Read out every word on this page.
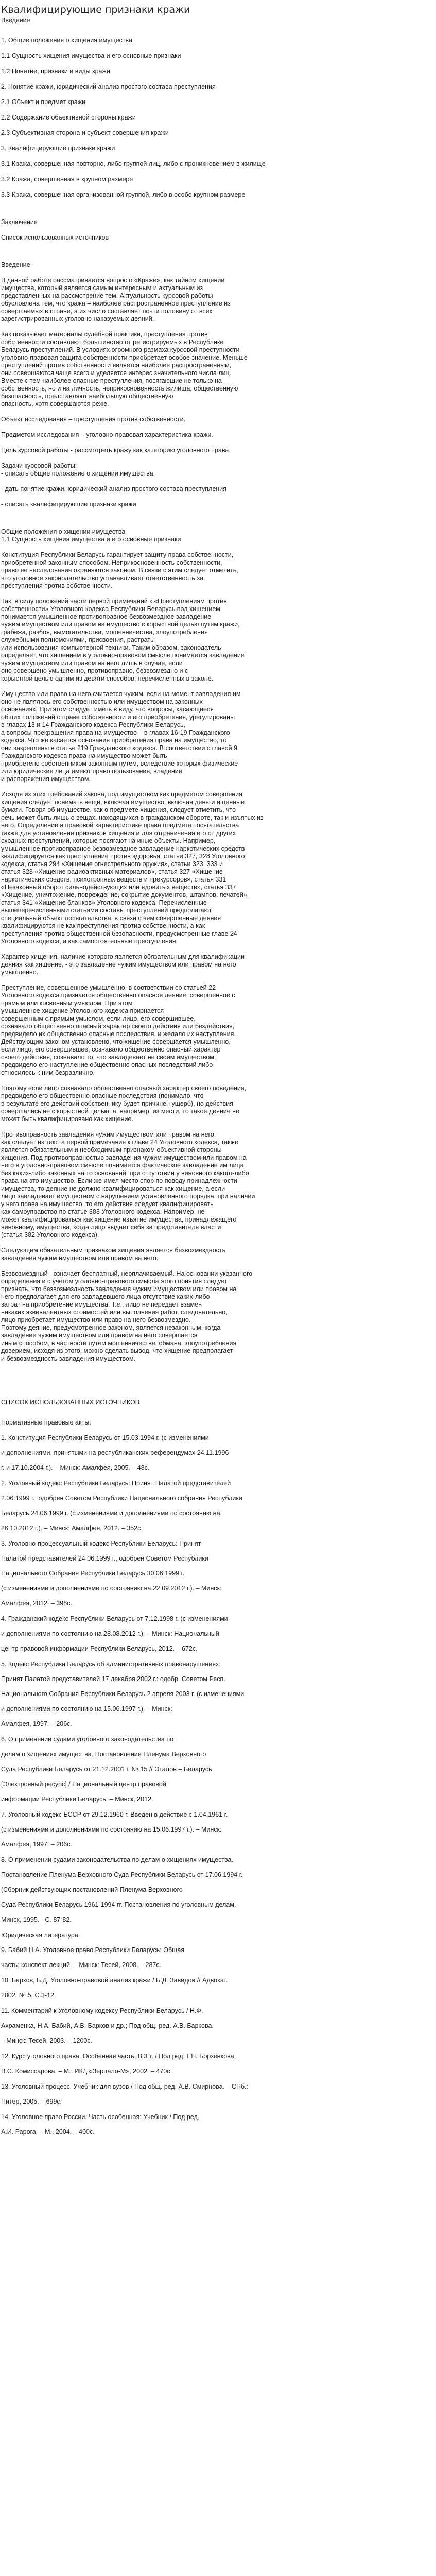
Квалифицирующие признаки кражи
Введение
1. Общие положения о хищения имущества
1.1 Сущность хищения имущества и его основные признаки
1.2 Понятие, признаки и виды кражи
2. Понятие кражи, юридический анализ простого состава преступления
2.1 Объект и предмет кражи
2.2 Содержание объективной стороны кражи
2.3 Субъективная сторона и субъект совершения кражи
3. Квалифицирующие признаки кражи
3.1 Кража, совершенная повторно, либо группой лиц, либо с проникновением в жилище
3.2 Кража, совершенная в крупном размере
3.3 Кража, совершенная организованной группой, либо в особо крупном размере
Заключение
Список использованных источников
Введение
В данной работе рассматривается вопрос о «Краже», как тайном хищении
имущества, который является самым интересным и актуальным из
представленных на рассмотрение тем. Актуальность курсовой работы
обусловлена тем, что кража – наиболее распространенное преступление из
совершаемых в стране, а их число составляет почти половину от всех
зарегистрированных уголовно наказуемых деяний.
Как показывает материалы судебной практики, преступления против
собственности составляют большинство от регистрируемых в Республике
Беларусь преступлений. В условиях огромного размаха курсовой преступности
уголовно-правовая защита собственности приобретает особое значение. Меньше
преступлений против собственности является наиболее распространённым,
они совершаются чаще всего и уделяется интерес значительного числа лиц.
Вместе с тем наиболее опасные преступления, посягающие не только на
собственность, но и на личность, неприкосновенность жилища, общественную
безопасность, представляют наибольшую общественную
опасность, хотя совершаются реже.
Объект исследования – преступления против собственности.
Предметом исследования – уголовно-правовая характеристика кражи.
Цель курсовой работы - рассмотреть кражу как категорию уголовного права.
Задачи курсовой работы:
- описать общие положение о хищении имущества
- дать понятие кражи, юридический анализ простого состава преступления
- описать квалифицирующие признаки кражи
Общие положения о хищении имущества
1.1 Сущность хищения имущества и его основные признаки
Конституция Республики Беларусь гарантирует защиту права собственности,
приобретенной законным способом. Неприкосновенность собственности,
право ее наследования охраняются законом. В связи с этим следует отметить,
что уголовное законодательство устанавливает ответственность за
преступления против собственности.
Так, в силу положений части первой примечаний к «Преступлениям против
собственности» Уголовного кодекса Республики Беларусь под хищением
понимается умышленное противоправное безвозмездное завладение
чужим имуществом или правом на имущество с корыстной целью путем кражи,
грабежа, разбоя, вымогательства, мошенничества, злоупотребления
служебными полномочиями, присвоения, растраты
или использования компьютерной техники. Таким образом, законодатель
определяет, что хищением в уголовно-правовом смысле понимается завладение
чужим имуществом или правом на него лишь в случае, если
оно совершено умышленно, противоправно, безвозмездно и с
корыстной целью одним из девяти способов, перечисленных в законе.
Имущество или право на него считается чужим, если на момент завладения им
оно не являлось его собственностью или имуществом на законных
основаниях. При этом следует иметь в виду, что вопросы, касающиеся
общих положений о праве собственности и его приобретения, урегулированы
в главах 13 и 14 Гражданского кодекса Республики Беларусь,
а вопросы прекращения права на имущество – в главах 16-19 Гражданского
кодекса. Что же касается основания приобретения права на имущество, то
они закреплены в статье 219 Гражданского кодекса. В соответствии с главой 9
Гражданского кодекса права на имущество может быть
приобретено собственником законным путем, вследствие которых физические
или юридические лица имеют право пользования, владения
и распоряжения имуществом.
Исходя из этих требований закона, под имуществом как предметом совершения
хищения следует понимать вещи, включая имущество, включая деньги и ценные
бумаги. Говоря об имуществе, как о предмете хищения, следует отметить, что
речь может быть лишь о вещах, находящихся в гражданском обороте, так и изъятых из
него. Определение в правовой характеристике права предмета посягательства
также для установления признаков хищения и для отграничения его от других
сходных преступлений, которые посягают на иные объекты. Например,
умышленное противоправное безвозмездное завладение наркотических средств
квалифицируется как преступление против здоровья, статьи 327, 328 Уголовного
кодекса, статья 294 «Хищение огнестрельного оружия», статьи 323, 333 и
статья 328 «Хищение радиоактивных материалов», статья 327 «Хищение
наркотических средств, психотропных веществ и прекурсоров», статья 331
«Незаконный оборот сильнодействующих или ядовитых веществ», статья 337
«Хищение, уничтожение, повреждение, сокрытие документов, штампов, печатей»,
статья 341 «Хищение бланков» Уголовного кодекса. Перечисленные
вышеперечисленными статьями составы преступлений предполагают
специальный объект посягательства, в связи с чем совершенные деяния
квалифицируются не как преступления против собственности, а как
преступления против общественной безопасности, предусмотренные главе 24
Уголовного кодекса, а как самостоятельные преступления.
Характер хищения, наличие которого является обязательным для квалификации
деяния как хищение, - это завладение чужим имуществом или правом на него
умышленно.
Преступление, совершенное умышленно, в соответствии со статьей 22
Уголовного кодекса признается общественно опасное деяние, совершенное с
прямым или косвенным умыслом. При этом
умышленное хищение Уголовного кодекса признается
совершенным с прямым умыслом, если лицо, его совершившее,
сознавало общественно опасный характер своего действия или бездействия,
предвидело их общественно опасные последствия, и желало их наступления.
Действующим законом установлено, что хищение совершается умышленно,
если лицо, его совершившее, сознавало общественно опасный характер
своего действия, сознавало то, что завладевает не своим имуществом,
предвидело его наступление общественно опасных последствий либо
относилось к ним безразлично.
Поэтому если лицо сознавало общественно опасный характер своего поведения,
предвидело его общественно опасные последствия (понимало, что
в результате его действий собственнику будет причинен ущерб), но действия
совершались не с корыстной целью, а, например, из мести, то такое деяние не
может быть квалифицировано как хищение.
Противоправность завладения чужим имуществом или правом на него,
как следует из текста первой примечания к главе 24 Уголовного кодекса, также
является обязательным и необходимым признаком объективной стороны
хищения. Под противоправностью завладения чужим имуществом или правом на
него в уголовно-правовом смысле понимается фактическое завладение им лица
без каких-либо законных на то оснований, при отсутствии у виновного какого-либо
права на это имущество. Если же имел место спор по поводу принадлежности
имущества, то деяние не должно квалифицироваться как хищение, а если
лицо завладевает имуществом с нарушением установленного порядка, при наличии
у него права на имущество, то его действия следует квалифицировать
как самоуправство по статье 383 Уголовного кодекса. Например, не
может квалифицироваться как хищение изъятие имущества, принадлежащего
виновному, имущества, когда лицо выдает себя за представителя власти
(статья 382 Уголовного кодекса).
Следующим обязательным признаком хищения является безвозмездность
завладения чужим имуществом или правом на него.
Безвозмездный - означает бесплатный, неоплачиваемый. На основании указанного
определения и с учетом уголовно-правового смысла этого понятия следует
признать, что безвозмездность завладения чужим имуществом или правом на
него предполагает для его завладевшего лица отсутствие каких-либо
затрат на приобретение имущества. Т.е., лицо не передает взамен
никаких эквивалентных стоимостей или выполнения работ, следовательно,
лицо приобретает имущество или право на него безвозмездно.
Поэтому деяние, предусмотренное законом, является незаконным, когда
завладение чужим имуществом или правом на него совершается
иным способом, в частности путем мошенничества, обмана, злоупотребления
доверием, исходя из этого, можно сделать вывод, что хищение предполагает
и безвозмездность завладения имуществом.
СПИСОК ИСПОЛЬЗОВАННЫХ ИСТОЧНИКОВ
Нормативные правовые акты:
1. Конституция Республики Беларусь от 15.03.1994 г. (с изменениями
и дополнениями, принятыми на республиканских референдумах 24.11.1996
г. и 17.10.2004 г.). – Минск: Амалфея, 2005. – 48с.
2. Уголовный кодекс Республики Беларусь: Принят Палатой представителей
2.06.1999 г., одобрен Советом Республики Национального собрания Республики
Беларусь 24.06.1999 г. (с изменениями и дополнениями по состоянию на
26.10.2012 г.). – Минск: Амалфея, 2012. – 352с.
3. Уголовно-процессуальный кодекс Республики Беларусь: Принят
Палатой представителей 24.06.1999 г., одобрен Советом Республики
Национального Собрания Республики Беларусь 30.06.1999 г.
(с изменениями и дополнениями по состоянию на 22.09.2012 г.). – Минск:
Амалфея, 2012. – 398с.
4. Гражданский кодекс Республики Беларусь от 7.12.1998 г. (с изменениями
и дополнениями по состоянию на 28.08.2012 г.). – Минск: Национальный
центр правовой информации Республики Беларусь, 2012. – 672с.
5. Кодекс Республики Беларусь об административных правонарушениях:
Принят Палатой представителей 17 декабря 2002 г.: одобр. Советом Респ.
Национального Собрания Республики Беларусь 2 апреля 2003 г. (с изменениями
и дополнениями по состоянию на 15.06.1997 г.). – Минск:
Амалфея, 1997. – 206с.
6. О применении судами уголовного законодательства по
делам о хищениях имущества. Постановление Пленума Верховного
Суда Республики Беларусь от 21.12.2001 г. № 15 // Эталон – Беларусь
[Электронный ресурс] / Национальный центр правовой
информации Республики Беларусь. – Минск, 2012.
7. Уголовный кодекс БССР от 29.12.1960 г. Введен в действие с 1.04.1961 г.
(с изменениями и дополнениями по состоянию на 15.06.1997 г.). – Минск:
Амалфея, 1997. – 206с.
8. О применении судами законодательства по делам о хищениях имущества.
Постановление Пленума Верховного Суда Республики Беларусь от 17.06.1994 г.
(Сборник действующих постановлений Пленума Верховного
Суда Республики Беларусь 1961-1994 гг. Постановления по уголовным делам.
Минск, 1995. - С. 87-82.
Юридическая литература:
9. Бабий Н.А. Уголовное право Республики Беларусь: Общая
часть: конспект лекций. – Минск: Тесей, 2008. – 287с.
10. Барков, Б.Д. Уголовно-правовой анализ кражи / Б.Д. Завидов // Адвокат.
2002. № 5. С.3-12.
11. Комментарий к Уголовному кодексу Республики Беларусь / Н.Ф.
Ахраменка, Н.А. Бабий, А.В. Барков и др.; Под общ. ред. А.В. Баркова.
– Минск: Тесей, 2003. – 1200с.
12. Курс уголовного права. Особенная часть: В 3 т. / Под ред. Г.Н. Борзенкова,
В.С. Комиссарова. – М.: ИКД «Зерцало-М», 2002. – 470с.
13. Уголовный процесс. Учебник для вузов / Под общ. ред. А.В. Смирнова. – СПб.:
Питер, 2005. – 699с.
14. Уголовное право России. Часть особенная: Учебник / Под ред.
А.И. Рарога. – М., 2004. – 400с.
